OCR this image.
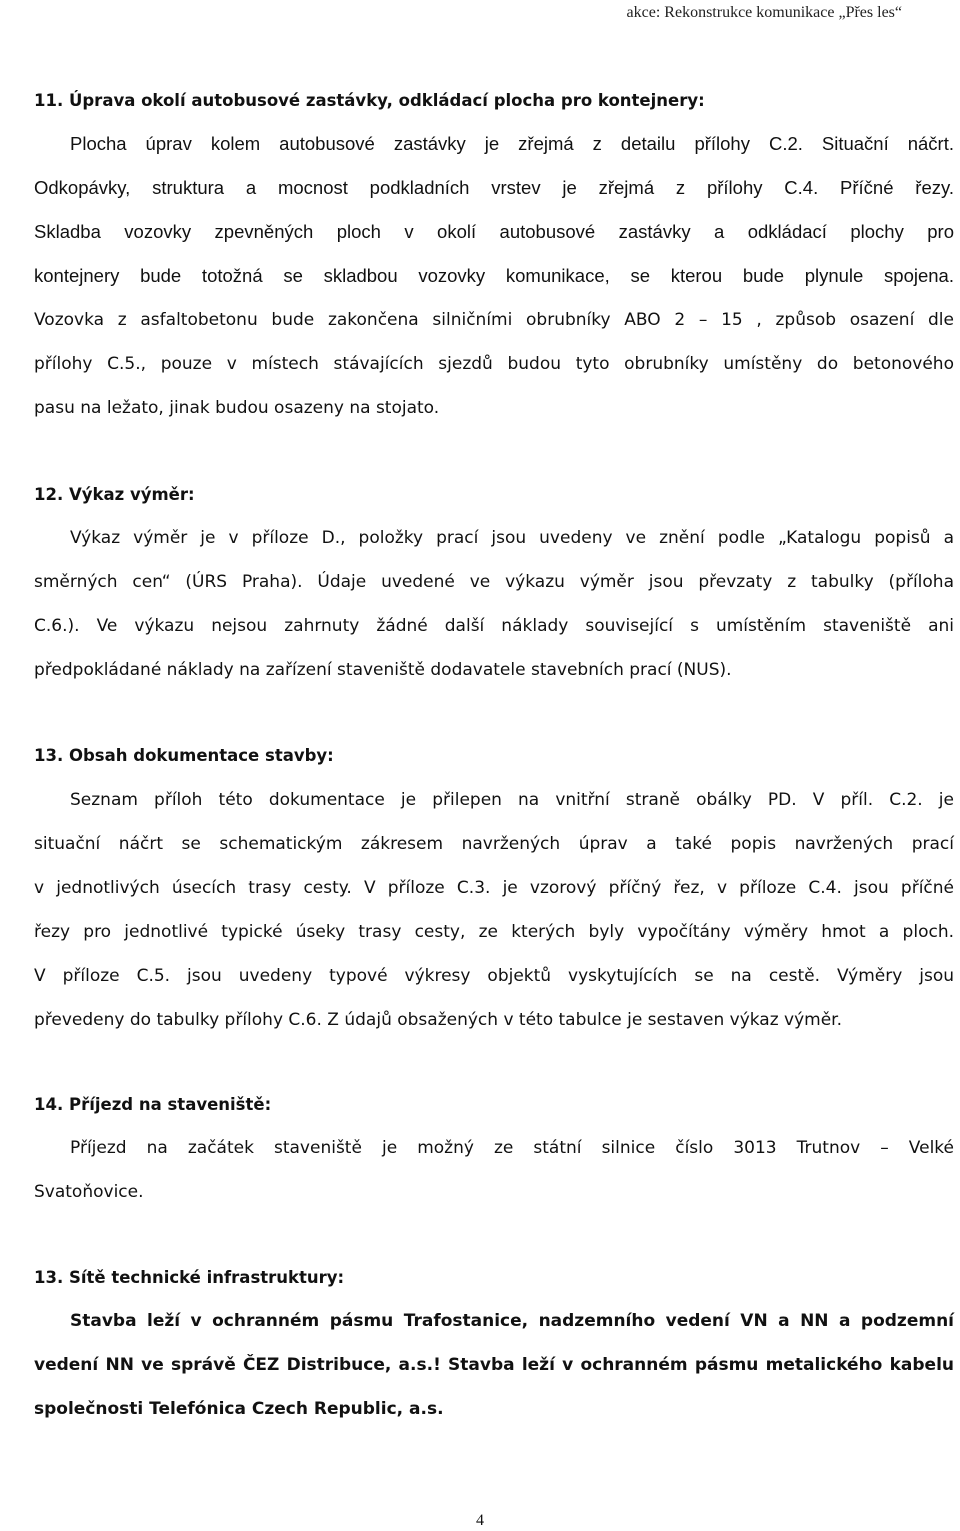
akce: Rekonstrukce komunikace „Přes les“
11. Úprava okolí autobusové zastávky, odkládací plocha pro kontejnery:
Plocha úprav kolem autobusové zastávky je zřejmá z detailu přílohy C.2. Situační náčrt.
Odkopávky, struktura a mocnost podkladních vrstev je zřejmá z přílohy C.4. Příčné řezy.
Skladba vozovky zpevněných ploch v okolí autobusové zastávky a odkládací plochy pro
kontejnery bude totožná se skladbou vozovky komunikace, se kterou bude plynule spojena.
Vozovka z asfaltobetonu bude zakončena silničními obrubníky ABO 2 – 15 , způsob osazení dle
přílohy C.5., pouze v místech stávajících sjezdů budou tyto obrubníky umístěny do betonového
pasu na ležato, jinak budou osazeny na stojato.
12. Výkaz výměr:
Výkaz výměr je v příloze D., položky prací jsou uvedeny ve znění podle „Katalogu popisů a
směrných cen“ (ÚRS Praha). Údaje uvedené ve výkazu výměr jsou převzaty z tabulky (příloha
C.6.). Ve výkazu nejsou zahrnuty žádné další náklady související s umístěním staveniště ani
předpokládané náklady na zařízení staveniště dodavatele stavebních prací (NUS).
13. Obsah dokumentace stavby:
Seznam příloh této dokumentace je přilepen na vnitřní straně obálky PD. V příl. C.2. je
situační náčrt se schematickým zákresem navržených úprav a také popis navržených prací
v jednotlivých úsecích trasy cesty. V příloze C.3. je vzorový příčný řez, v příloze C.4. jsou příčné
řezy pro jednotlivé typické úseky trasy cesty, ze kterých byly vypočítány výměry hmot a ploch.
V příloze C.5. jsou uvedeny typové výkresy objektů vyskytujících se na cestě. Výměry jsou
převedeny do tabulky přílohy C.6. Z údajů obsažených v této tabulce je sestaven výkaz výměr.
14. Příjezd na staveniště:
Příjezd na začátek staveniště je možný ze státní silnice číslo 3013 Trutnov – Velké
Svatoňovice.
13. Sítě technické infrastruktury:
Stavba leží v ochranném pásmu Trafostanice, nadzemního vedení VN a NN a podzemní
vedení NN ve správě ČEZ Distribuce, a.s.! Stavba leží v ochranném pásmu metalického kabelu
společnosti Telefónica Czech Republic, a.s.
4
